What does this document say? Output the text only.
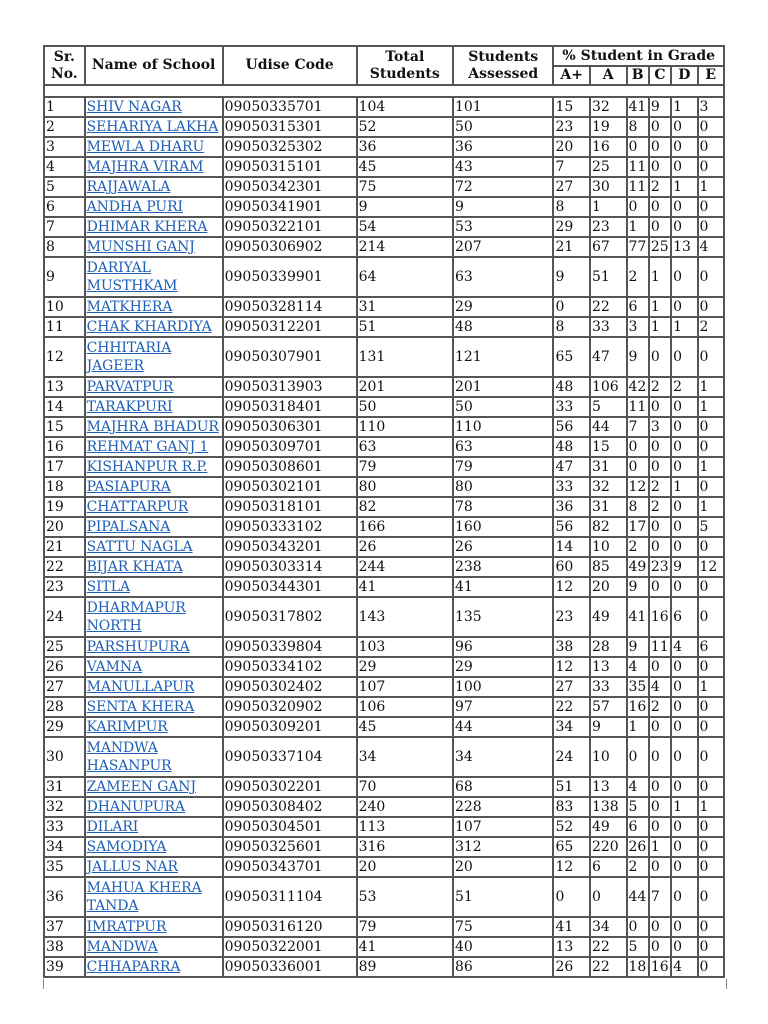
Sr. No.	Name of School	Udise Code	Total Students	Students Assessed	% Student in Grade					
					A+	A	B	C	D	E

1	SHIV NAGAR	09050335701	104	101	15	32	41	9	1	3
2	SEHARIYA LAKHA	09050315301	52	50	23	19	8	0	0	0
3	MEWLA DHARU	09050325302	36	36	20	16	0	0	0	0
4	MAJHRA VIRAM	09050315101	45	43	7	25	11	0	0	0
5	RAJJAWALA	09050342301	75	72	27	30	11	2	1	1
6	ANDHA PURI	09050341901	9	9	8	1	0	0	0	0
7	DHIMAR KHERA	09050322101	54	53	29	23	1	0	0	0
8	MUNSHI GANJ	09050306902	214	207	21	67	77	25	13	4
9	DARIYAL MUSTHKAM	09050339901	64	63	9	51	2	1	0	0
10	MATKHERA	09050328114	31	29	0	22	6	1	0	0
11	CHAK KHARDIYA	09050312201	51	48	8	33	3	1	1	2
12	CHHITARIA JAGEER	09050307901	131	121	65	47	9	0	0	0
13	PARVATPUR	09050313903	201	201	48	106	42	2	2	1
14	TARAKPURI	09050318401	50	50	33	5	11	0	0	1
15	MAJHRA BHADUR	09050306301	110	110	56	44	7	3	0	0
16	REHMAT GANJ 1	09050309701	63	63	48	15	0	0	0	0
17	KISHANPUR R.P.	09050308601	79	79	47	31	0	0	0	1
18	PASIAPURA	09050302101	80	80	33	32	12	2	1	0
19	CHATTARPUR	09050318101	82	78	36	31	8	2	0	1
20	PIPALSANA	09050333102	166	160	56	82	17	0	0	5
21	SATTU NAGLA	09050343201	26	26	14	10	2	0	0	0
22	BIJAR KHATA	09050303314	244	238	60	85	49	23	9	12
23	SITLA	09050344301	41	41	12	20	9	0	0	0
24	DHARMAPUR NORTH	09050317802	143	135	23	49	41	16	6	0
25	PARSHUPURA	09050339804	103	96	38	28	9	11	4	6
26	VAMNA	09050334102	29	29	12	13	4	0	0	0
27	MANULLAPUR	09050302402	107	100	27	33	35	4	0	1
28	SENTA KHERA	09050320902	106	97	22	57	16	2	0	0
29	KARIMPUR	09050309201	45	44	34	9	1	0	0	0
30	MANDWA HASANPUR	09050337104	34	34	24	10	0	0	0	0
31	ZAMEEN GANJ	09050302201	70	68	51	13	4	0	0	0
32	DHANUPURA	09050308402	240	228	83	138	5	0	1	1
33	DILARI	09050304501	113	107	52	49	6	0	0	0
34	SAMODIYA	09050325601	316	312	65	220	26	1	0	0
35	JALLUS NAR	09050343701	20	20	12	6	2	0	0	0
36	MAHUA KHERA TANDA	09050311104	53	51	0	0	44	7	0	0
37	IMRATPUR	09050316120	79	75	41	34	0	0	0	0
38	MANDWA	09050322001	41	40	13	22	5	0	0	0
39	CHHAPARRA	09050336001	89	86	26	22	18	16	4	0
